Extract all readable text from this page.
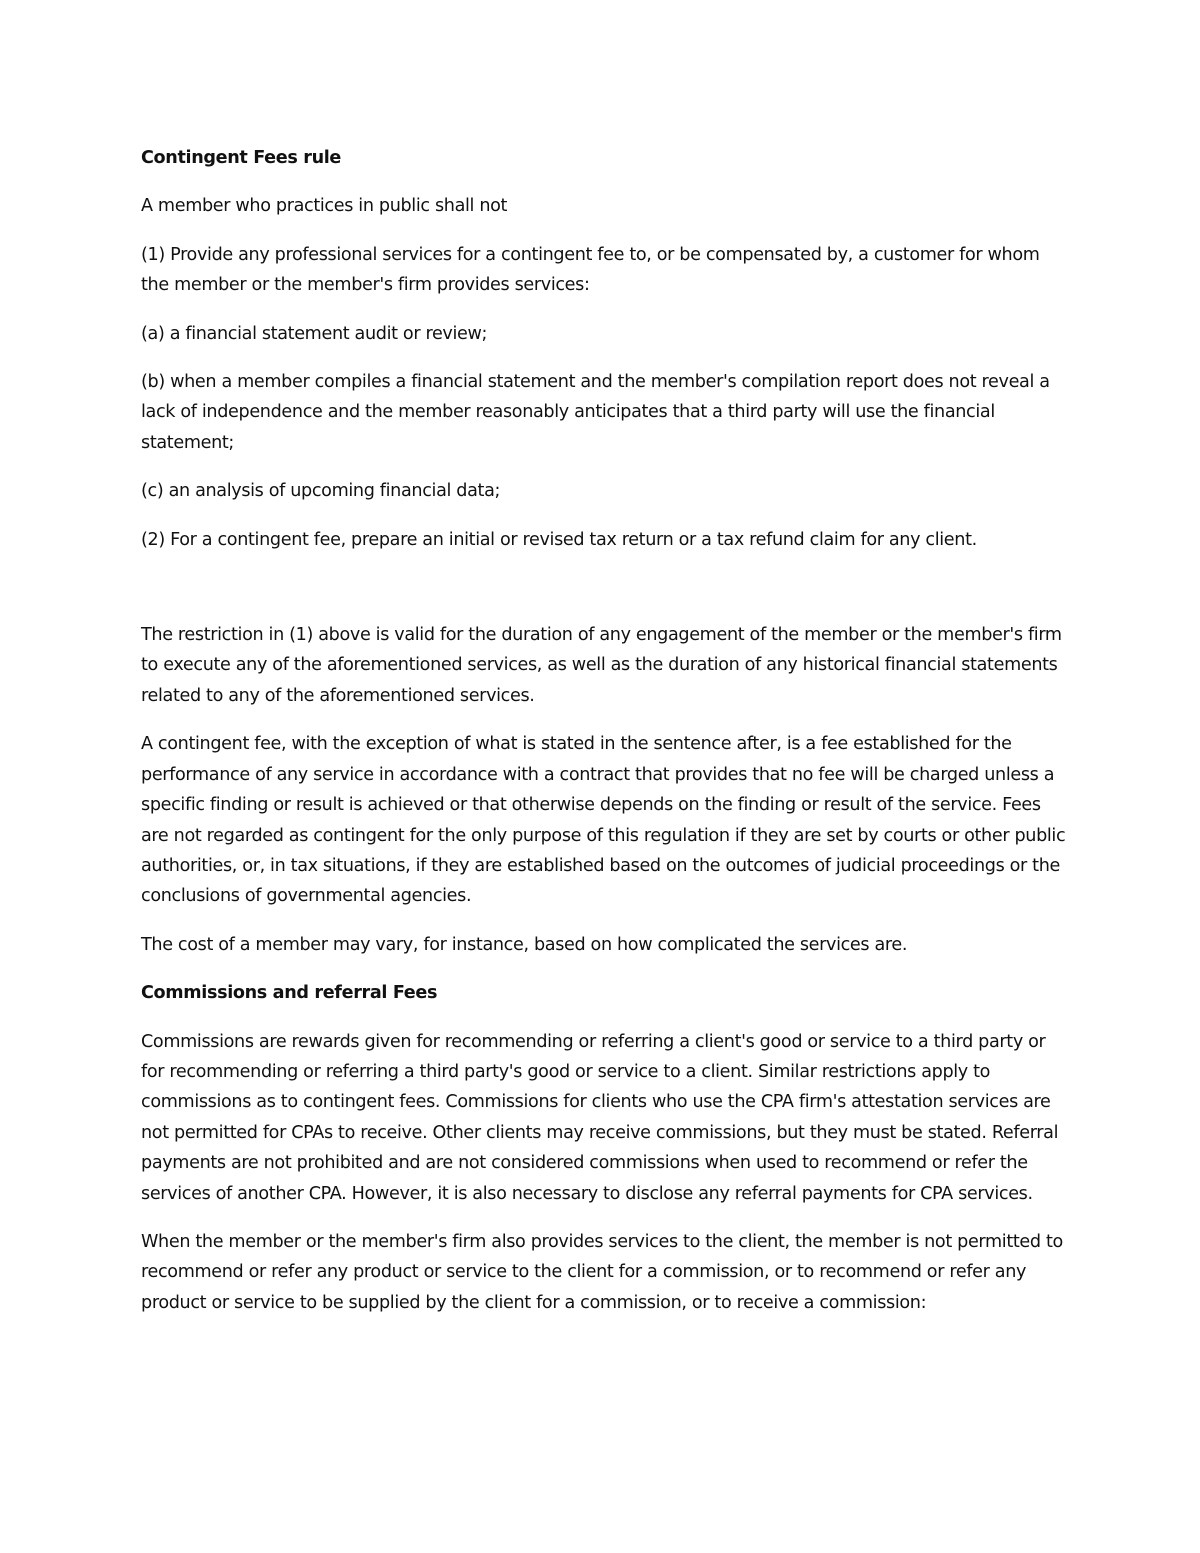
Contingent Fees rule

A member who practices in public shall not

(1) Provide any professional services for a contingent fee to, or be compensated by, a customer for whom the member or the member's firm provides services:

(a) a financial statement audit or review;

(b) when a member compiles a financial statement and the member's compilation report does not reveal a lack of independence and the member reasonably anticipates that a third party will use the financial statement;

(c) an analysis of upcoming financial data;

(2) For a contingent fee, prepare an initial or revised tax return or a tax refund claim for any client.

The restriction in (1) above is valid for the duration of any engagement of the member or the member's firm to execute any of the aforementioned services, as well as the duration of any historical financial statements related to any of the aforementioned services.

A contingent fee, with the exception of what is stated in the sentence after, is a fee established for the performance of any service in accordance with a contract that provides that no fee will be charged unless a specific finding or result is achieved or that otherwise depends on the finding or result of the service. Fees are not regarded as contingent for the only purpose of this regulation if they are set by courts or other public authorities, or, in tax situations, if they are established based on the outcomes of judicial proceedings or the conclusions of governmental agencies.

The cost of a member may vary, for instance, based on how complicated the services are.

Commissions and referral Fees

Commissions are rewards given for recommending or referring a client's good or service to a third party or for recommending or referring a third party's good or service to a client. Similar restrictions apply to commissions as to contingent fees. Commissions for clients who use the CPA firm's attestation services are not permitted for CPAs to receive. Other clients may receive commissions, but they must be stated. Referral payments are not prohibited and are not considered commissions when used to recommend or refer the services of another CPA. However, it is also necessary to disclose any referral payments for CPA services.

When the member or the member's firm also provides services to the client, the member is not permitted to recommend or refer any product or service to the client for a commission, or to recommend or refer any product or service to be supplied by the client for a commission, or to receive a commission:
